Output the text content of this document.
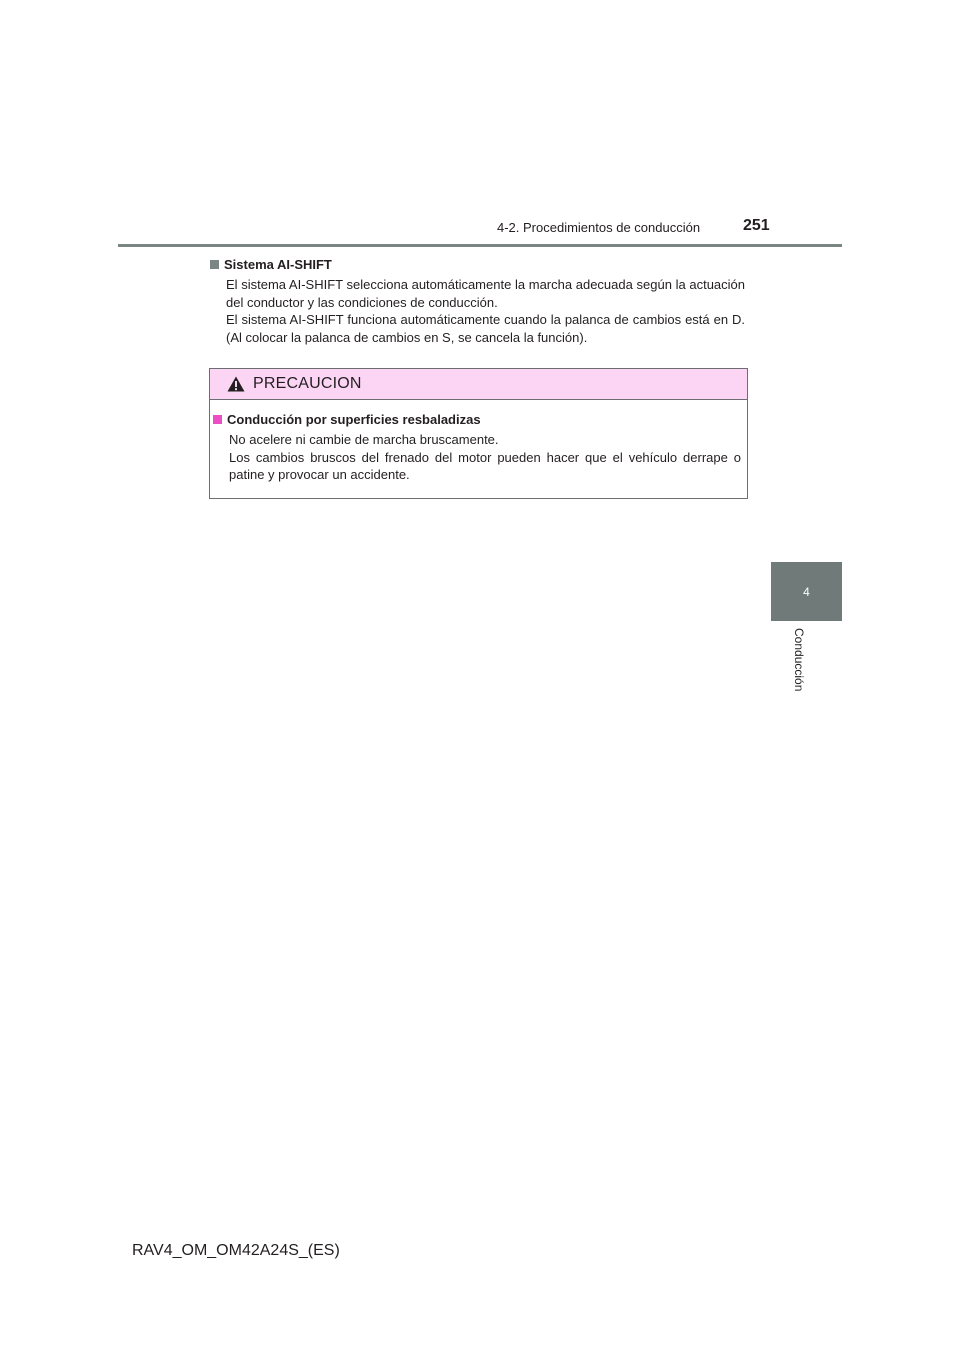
4-2. Procedimientos de conducción	251
4
Conducción
Sistema AI-SHIFT

El sistema AI-SHIFT selecciona automáticamente la marcha adecuada según la actuación del conductor y las condiciones de conducción.

El sistema AI-SHIFT funciona automáticamente cuando la palanca de cambios está en D. (Al colocar la palanca de cambios en S, se cancela la función).

PRECAUCION
Conducción por superficies resbaladizas

No acelere ni cambie de marcha bruscamente.

Los cambios bruscos del frenado del motor pueden hacer que el vehículo derrape o patine y provocar un accidente.

RAV4_OM_OM42A24S_(ES)
